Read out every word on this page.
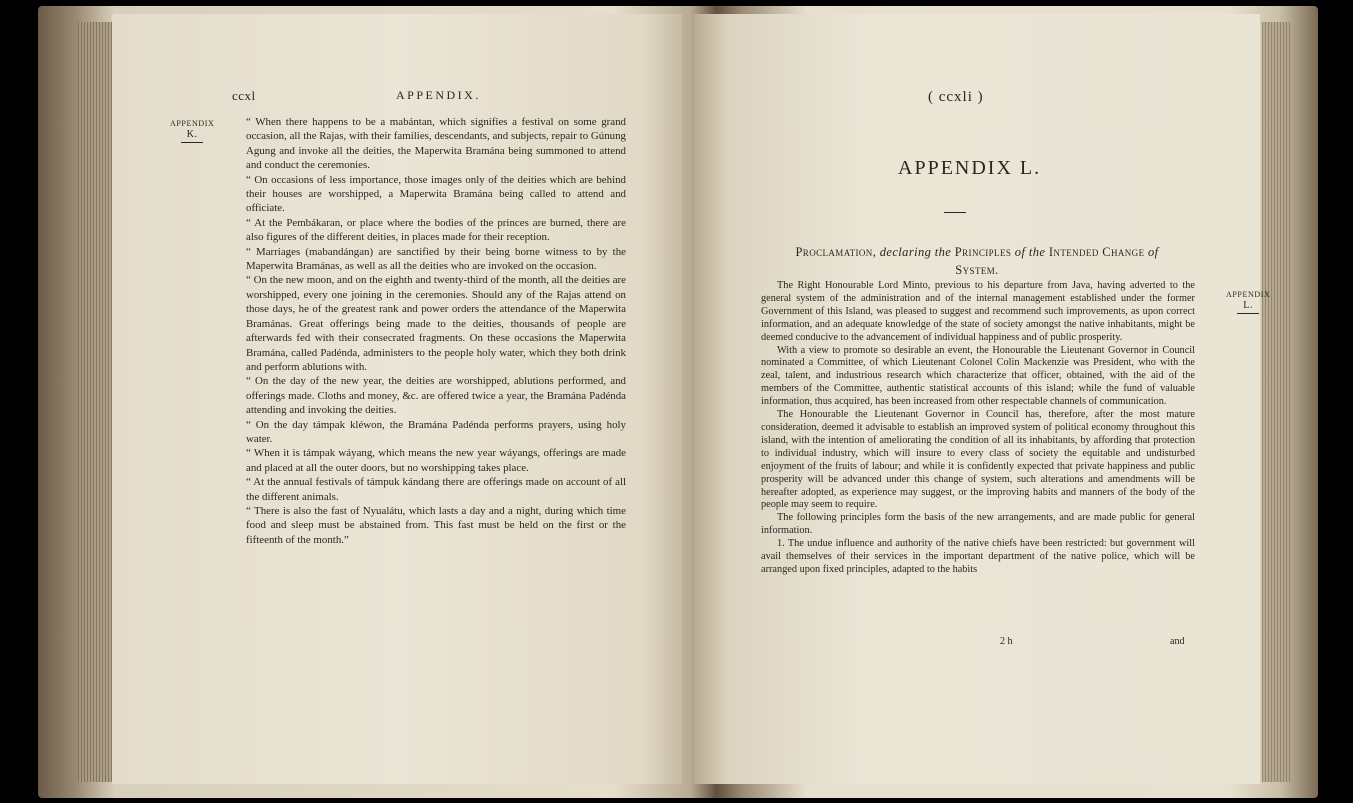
ccxl	APPENDIX.
APPENDIX
K.

“ When there happens to be a mabántan, which signifies a festival on some grand occasion, all the Rajas, with their families, descendants, and subjects, repair to Gúnung Agung and invoke all the deities, the Maperwita Bramána being summoned to attend and conduct the ceremonies.

“ On occasions of less importance, those images only of the deities which are behind their houses are worshipped, a Maperwita Bramána being called to attend and officiate.

“ At the Pembákaran, or place where the bodies of the princes are burned, there are also figures of the different deities, in places made for their reception.

“ Marriages (mabandángan) are sanctified by their being borne witness to by the Maperwita Bramánas, as well as all the deities who are invoked on the occasion.

“ On the new moon, and on the eighth and twenty-third of the month, all the deities are worshipped, every one joining in the ceremonies. Should any of the Rajas attend on those days, he of the greatest rank and power orders the attendance of the Maperwita Bramánas. Great offerings being made to the deities, thousands of people are afterwards fed with their consecrated fragments. On these occasions the Maperwita Bramána, called Padénda, administers to the people holy water, which they both drink and perform ablutions with.

“ On the day of the new year, the deities are worshipped, ablutions performed, and offerings made. Cloths and money, &c. are offered twice a year, the Bramána Padénda attending and invoking the deities.

“ On the day támpak kléwon, the Bramána Padénda performs prayers, using holy water.

“ When it is támpak wáyang, which means the new year wáyangs, offerings are made and placed at all the outer doors, but no worshipping takes place.

“ At the annual festivals of támpuk kándang there are offerings made on account of all the different animals.

“ There is also the fast of Nyualátu, which lasts a day and a night, during which time food and sleep must be abstained from. This fast must be held on the first or the fifteenth of the month.”

( ccxli )
APPENDIX L.
Proclamation, declaring the Principles of the Intended Change of
System.
APPENDIX
L.

The Right Honourable Lord Minto, previous to his departure from Java, having adverted to the general system of the administration and of the internal management established under the former Government of this Island, was pleased to suggest and recommend such improvements, as upon correct information, and an adequate knowledge of the state of society amongst the native inhabitants, might be deemed conducive to the advancement of individual happiness and of public prosperity.

With a view to promote so desirable an event, the Honourable the Lieutenant Governor in Council nominated a Committee, of which Lieutenant Colonel Colin Mackenzie was President, who with the zeal, talent, and industrious research which characterize that officer, obtained, with the aid of the members of the Committee, authentic statistical accounts of this island; while the fund of valuable information, thus acquired, has been increased from other respectable channels of communication.

The Honourable the Lieutenant Governor in Council has, therefore, after the most mature consideration, deemed it advisable to establish an improved system of political economy throughout this island, with the intention of ameliorating the condition of all its inhabitants, by affording that protection to individual industry, which will insure to every class of society the equitable and undisturbed enjoyment of the fruits of labour; and while it is confidently expected that private happiness and public prosperity will be advanced under this change of system, such alterations and amendments will be hereafter adopted, as experience may suggest, or the improving habits and manners of the body of the people may seem to require.

The following principles form the basis of the new arrangements, and are made public for general information.

1. The undue influence and authority of the native chiefs have been restricted: but government will avail themselves of their services in the important department of the native police, which will be arranged upon fixed principles, adapted to the habits

2 h	and
